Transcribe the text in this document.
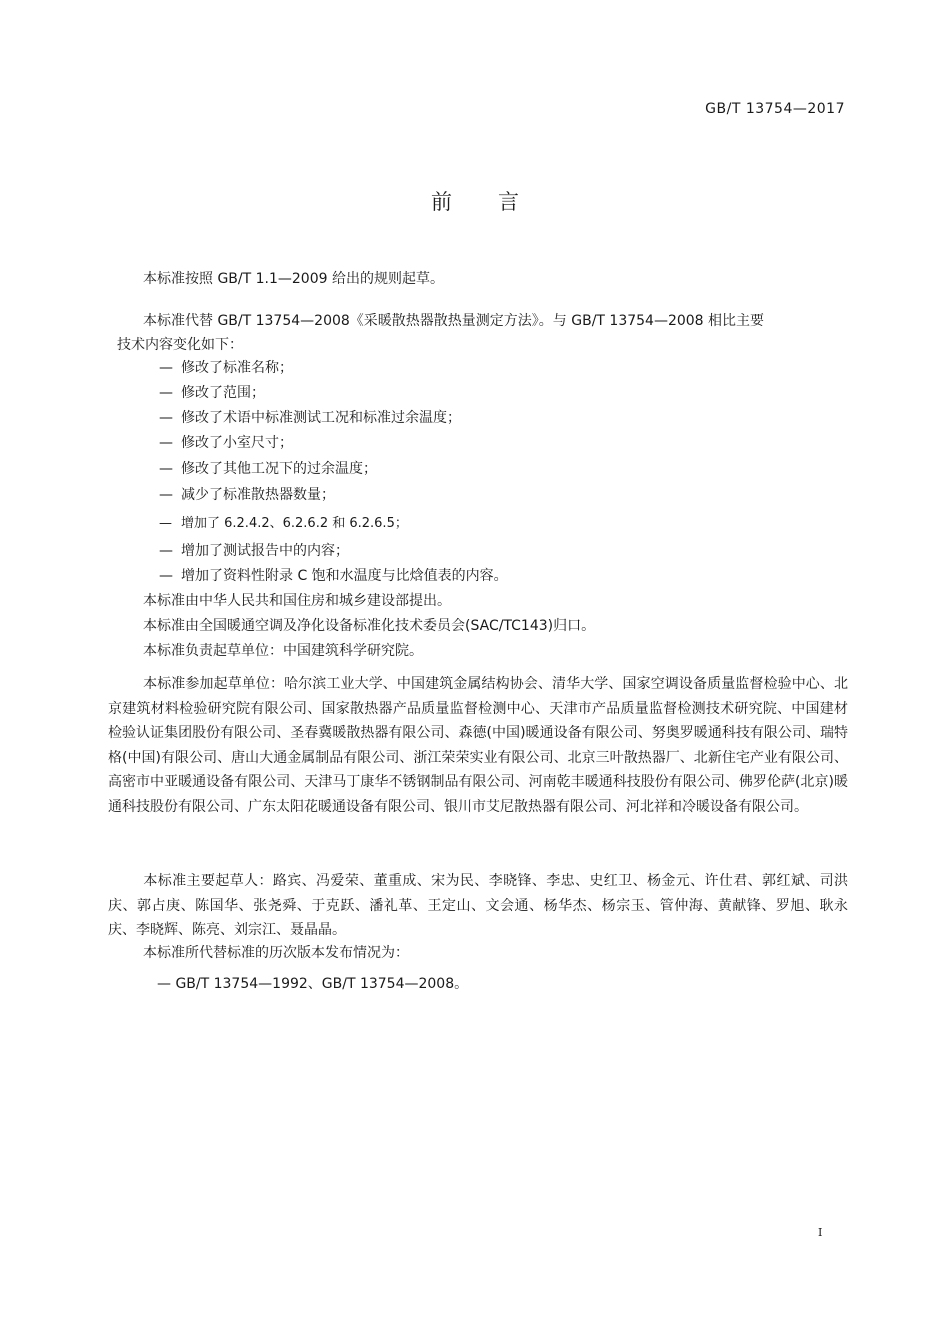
GB/T 13754—2017
前 言
本标准按照 GB/T 1.1—2009 给出的规则起草。
本标准代替 GB/T 13754—2008《采暖散热器散热量测定方法》。与 GB/T 13754—2008 相比主要
技术内容变化如下：
— 修改了标准名称；
— 修改了范围；
— 修改了术语中标准测试工况和标准过余温度；
— 修改了小室尺寸；
— 修改了其他工况下的过余温度；
— 减少了标准散热器数量；
— 增加了 6.2.4.2、6.2.6.2 和 6.2.6.5；
— 增加了测试报告中的内容；
— 增加了资料性附录 C 饱和水温度与比焓值表的内容。
本标准由中华人民共和国住房和城乡建设部提出。
本标准由全国暖通空调及净化设备标准化技术委员会(SAC/TC143)归口。
本标准负责起草单位：中国建筑科学研究院。
本标准参加起草单位：哈尔滨工业大学、中国建筑金属结构协会、清华大学、国家空调设备质量监督检验中心、北京建筑材料检验研究院有限公司、国家散热器产品质量监督检测中心、天津市产品质量监督检测技术研究院、中国建材检验认证集团股份有限公司、圣春冀暖散热器有限公司、森德(中国)暖通设备有限公司、努奥罗暖通科技有限公司、瑞特格(中国)有限公司、唐山大通金属制品有限公司、浙江荣荣实业有限公司、北京三叶散热器厂、北新住宅产业有限公司、高密市中亚暖通设备有限公司、天津马丁康华不锈钢制品有限公司、河南乾丰暖通科技股份有限公司、佛罗伦萨(北京)暖通科技股份有限公司、广东太阳花暖通设备有限公司、银川市艾尼散热器有限公司、河北祥和冷暖设备有限公司。
本标准主要起草人：路宾、冯爱荣、董重成、宋为民、李晓锋、李忠、史红卫、杨金元、许仕君、郭红斌、司洪庆、郭占庚、陈国华、张尧舜、于克跃、潘礼革、王定山、文会通、杨华杰、杨宗玉、管仲海、黄献锋、罗旭、耿永庆、李晓辉、陈亮、刘宗江、聂晶晶。
本标准所代替标准的历次版本发布情况为：
— GB/T 13754—1992、GB/T 13754—2008。
I
